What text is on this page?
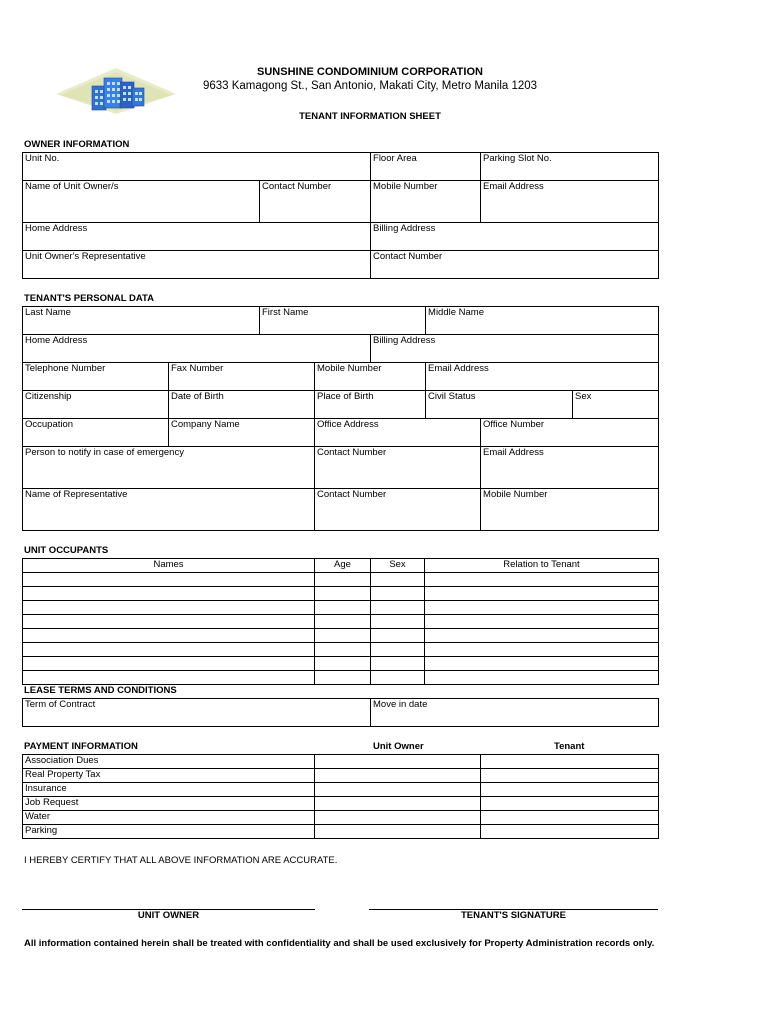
SUNSHINE CONDOMINIUM CORPORATION
9633 Kamagong St., San Antonio, Makati City, Metro Manila 1203
TENANT INFORMATION SHEET
OWNER INFORMATION
Unit No.		Floor Area	Parking Slot No.
Name of Unit Owner/s	Contact Number	Mobile Number	Email Address
Home Address		Billing Address	
Unit Owner's Representative		Contact Number	
TENANT'S PERSONAL DATA
Last Name		First Name			Middle Name		
Home Address				Billing Address			
Telephone Number	Fax Number		Mobile Number		Email Address		
Citizenship	Date of Birth		Place of Birth		Civil Status		Sex
Occupation	Company Name		Office Address			Office Number	
Person to notify in case of emergency			Contact Number			Email Address	
Name of Representative			Contact Number			Mobile Number	
UNIT OCCUPANTS
Names	Age	Sex	Relation to Tenant

LEASE TERMS AND CONDITIONS
Term of Contract	Move in date
PAYMENT INFORMATION	Unit Owner	Tenant
Association Dues		
Real Property Tax		
Insurance		
Job Request		
Water		
Parking		
I HEREBY CERTIFY THAT ALL ABOVE INFORMATION ARE ACCURATE.
UNIT OWNER	TENANT'S SIGNATURE
All information contained herein shall be treated with confidentiality and shall be used exclusively for Property Administration records only.
